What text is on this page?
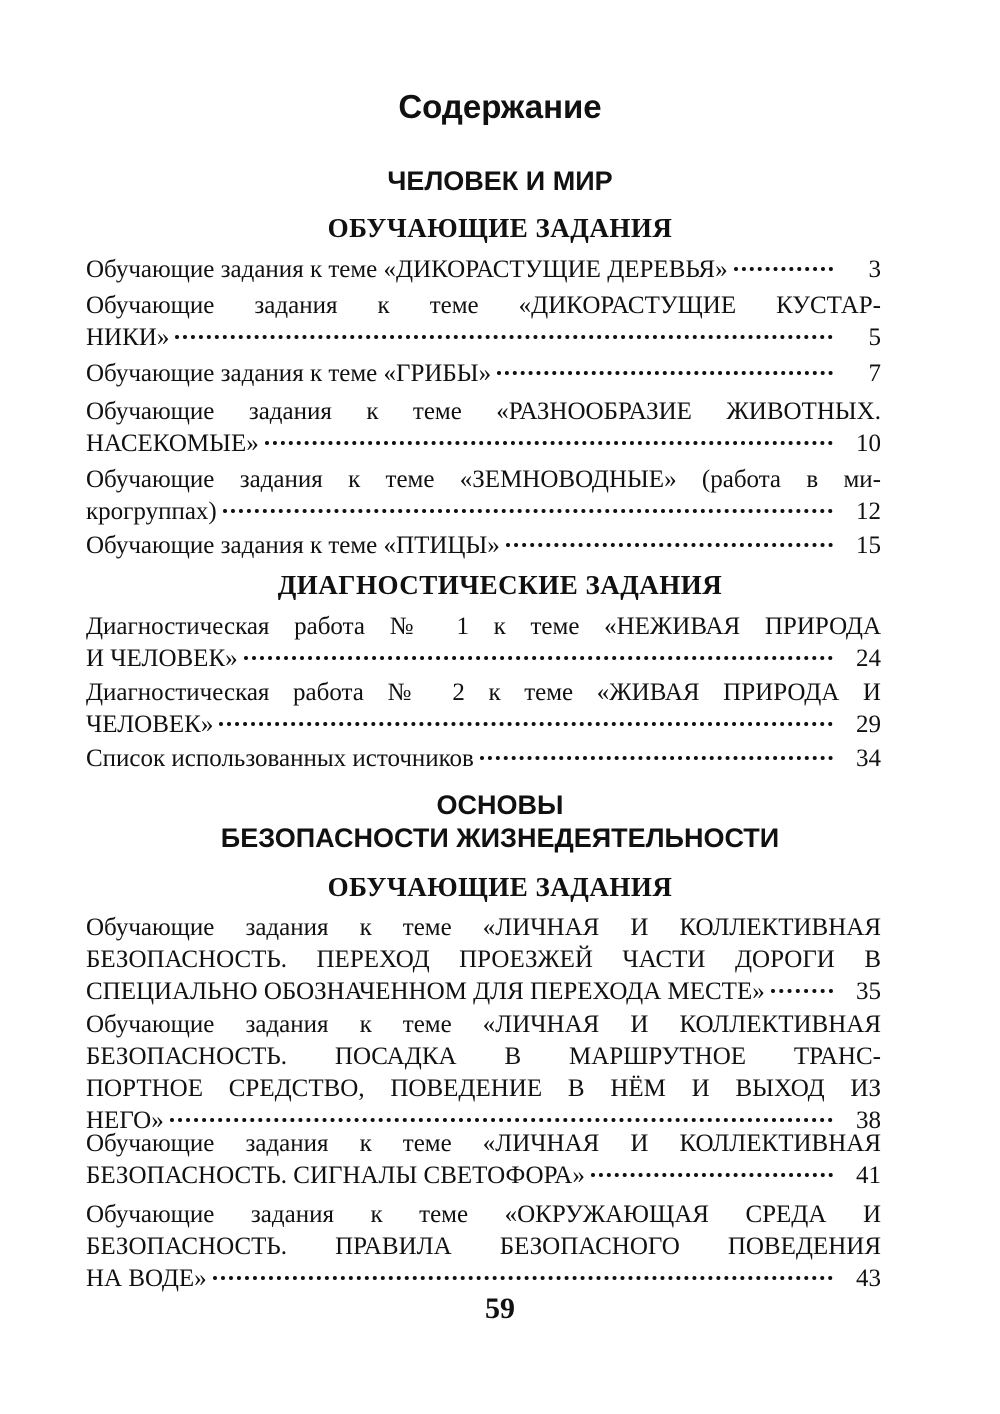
Содержание
ЧЕЛОВЕК И МИР
ОБУЧАЮЩИЕ ЗАДАНИЯ
Обучающие задания к теме «ДИКОРАСТУЩИЕ ДЕРЕВЬЯ»	3
Обучающие задания к теме «ДИКОРАСТУЩИЕ КУСТАР-
НИКИ»	5
Обучающие задания к теме «ГРИБЫ»	7
Обучающие задания к теме «РАЗНООБРАЗИЕ ЖИВОТНЫХ.
НАСЕКОМЫЕ»	10
Обучающие задания к теме «ЗЕМНОВОДНЫЕ» (работа в ми-
крогруппах)	12
Обучающие задания к теме «ПТИЦЫ»	15
ДИАГНОСТИЧЕСКИЕ ЗАДАНИЯ
Диагностическая работа № 1 к теме «НЕЖИВАЯ ПРИРОДА
И ЧЕЛОВЕК»	24
Диагностическая работа № 2 к теме «ЖИВАЯ ПРИРОДА И
ЧЕЛОВЕК»	29
Список использованных источников	34
ОСНОВЫ
БЕЗОПАСНОСТИ ЖИЗНЕДЕЯТЕЛЬНОСТИ
ОБУЧАЮЩИЕ ЗАДАНИЯ
Обучающие задания к теме «ЛИЧНАЯ И КОЛЛЕКТИВНАЯ
БЕЗОПАСНОСТЬ. ПЕРЕХОД ПРОЕЗЖЕЙ ЧАСТИ ДОРОГИ В
СПЕЦИАЛЬНО ОБОЗНАЧЕННОМ ДЛЯ ПЕРЕХОДА МЕСТЕ»	35
Обучающие задания к теме «ЛИЧНАЯ И КОЛЛЕКТИВНАЯ
БЕЗОПАСНОСТЬ. ПОСАДКА В МАРШРУТНОЕ ТРАНС-
ПОРТНОЕ СРЕДСТВО, ПОВЕДЕНИЕ В НЁМ И ВЫХОД ИЗ
НЕГО»	38
Обучающие задания к теме «ЛИЧНАЯ И КОЛЛЕКТИВНАЯ
БЕЗОПАСНОСТЬ. СИГНАЛЫ СВЕТОФОРА»	41
Обучающие задания к теме «ОКРУЖАЮЩАЯ СРЕДА И
БЕЗОПАСНОСТЬ. ПРАВИЛА БЕЗОПАСНОГО ПОВЕДЕНИЯ
НА ВОДЕ»	43
59
